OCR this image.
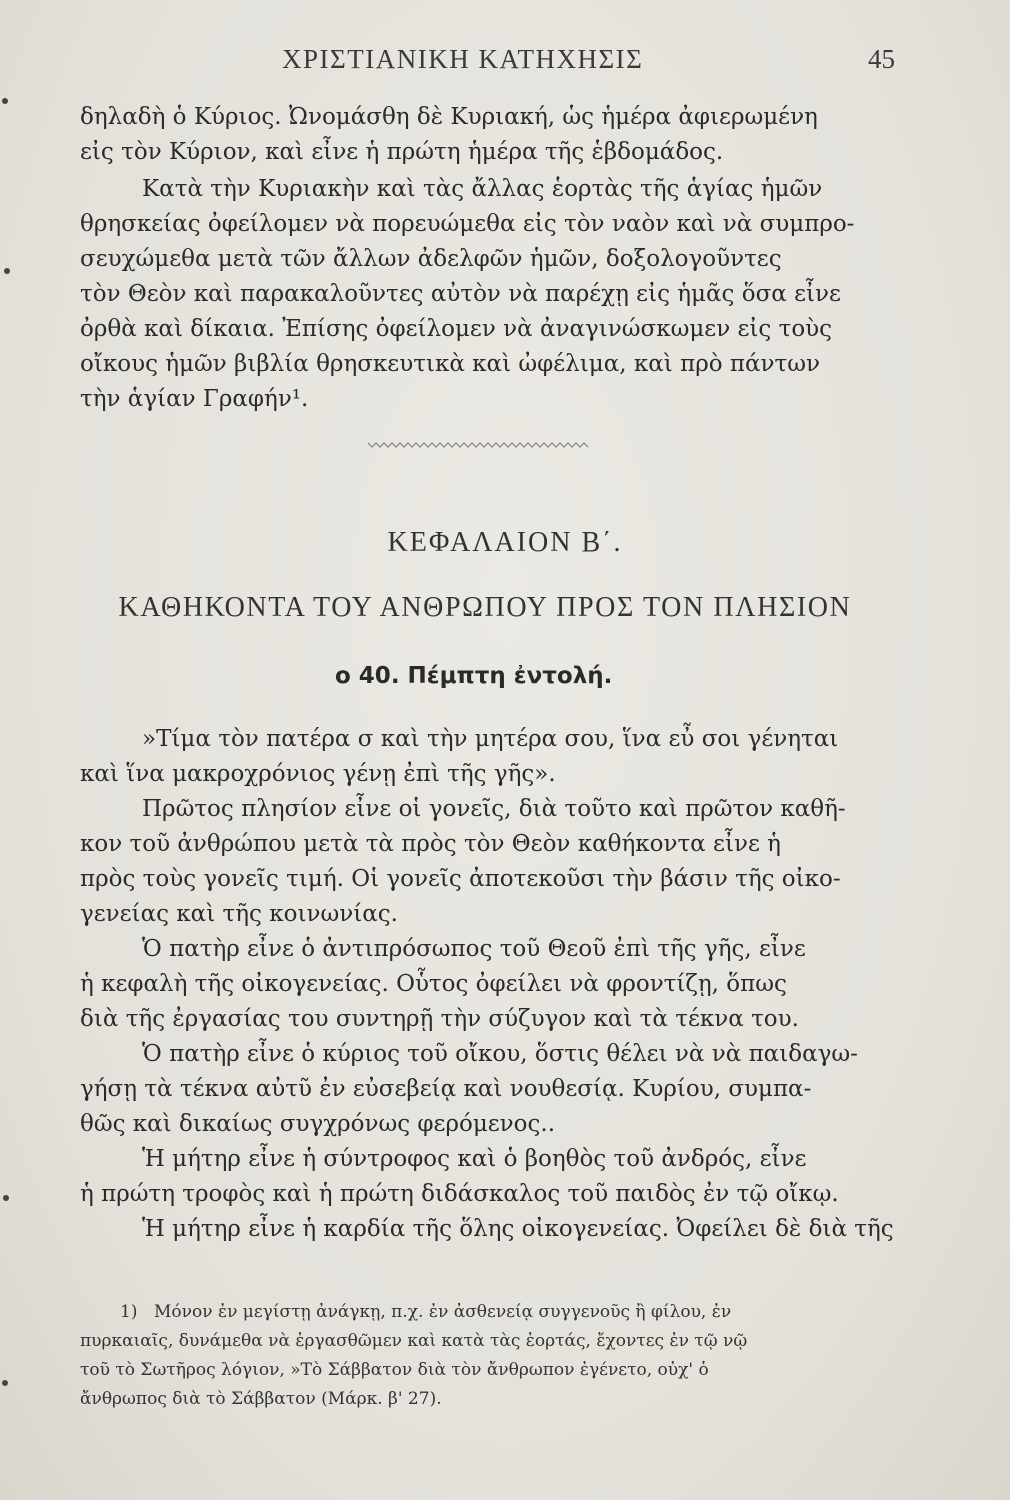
ΧΡΙΣΤΙΑΝΙΚΗ ΚΑΤΗΧΗΣΙΣ	45
δηλαδὴ ὁ Κύριος. Ὠνομάσθη δὲ Κυριακή, ὡς ἡμέρα ἀφιερωμένη
εἰς τὸν Κύριον, καὶ εἶνε ἡ πρώτη ἡμέρα τῆς ἑβδομάδος.
Κατὰ τὴν Κυριακὴν καὶ τὰς ἄλλας ἑορτὰς τῆς ἁγίας ἡμῶν
θρησκείας ὀφείλομεν νὰ πορευώμεθα εἰς τὸν ναὸν καὶ νὰ συμπρο-
σευχώμεθα μετὰ τῶν ἄλλων ἀδελφῶν ἡμῶν, δοξολογοῦντες
τὸν Θεὸν καὶ παρακαλοῦντες αὐτὸν νὰ παρέχῃ εἰς ἡμᾶς ὅσα εἶνε
ὀρθὰ καὶ δίκαια. Ἐπίσης ὀφείλομεν νὰ ἀναγινώσκωμεν εἰς τοὺς
οἴκους ἡμῶν βιβλία θρησκευτικὰ καὶ ὠφέλιμα, καὶ πρὸ πάντων
τὴν ἁγίαν Γραφήν¹.
ΚΕΦΑΛΑΙΟΝ Β΄.
ΚΑΘΗΚΟΝΤΑ ΤΟΥ ΑΝΘΡΩΠΟΥ ΠΡΟΣ ΤΟΝ ΠΛΗΣΙΟΝ
ο 40. Πέμπτη ἐντολή.
»Τίμα τὸν πατέρα σ καὶ τὴν μητέρα σου, ἵνα εὖ σοι γένηται
καὶ ἵνα μακροχρόνιος γένῃ ἐπὶ τῆς γῆς».
Πρῶτος πλησίον εἶνε οἱ γονεῖς, διὰ τοῦτο καὶ πρῶτον καθῆ-
κον τοῦ ἀνθρώπου μετὰ τὰ πρὸς τὸν Θεὸν καθήκοντα εἶνε ἡ
πρὸς τοὺς γονεῖς τιμή. Οἱ γονεῖς ἀποτεκοῦσι τὴν βάσιν τῆς οἰκο-
γενείας καὶ τῆς κοινωνίας.
Ὁ πατὴρ εἶνε ὁ ἀντιπρόσωπος τοῦ Θεοῦ ἐπὶ τῆς γῆς, εἶνε
ἡ κεφαλὴ τῆς οἰκογενείας. Οὗτος ὀφείλει νὰ φροντίζῃ, ὅπως
διὰ τῆς ἐργασίας του συντηρῇ τὴν σύζυγον καὶ τὰ τέκνα του.
Ὁ πατὴρ εἶνε ὁ κύριος τοῦ οἴκου, ὅστις θέλει νὰ νὰ παιδαγω-
γήσῃ τὰ τέκνα αὐτῦ ἐν εὐσεβείᾳ καὶ νουθεσίᾳ. Κυρίου, συμπα-
θῶς καὶ δικαίως συγχρόνως φερόμενος..
Ἡ μήτηρ εἶνε ἡ σύντροφος καὶ ὁ βοηθὸς τοῦ ἀνδρός, εἶνε
ἡ πρώτη τροφὸς καὶ ἡ πρώτη διδάσκαλος τοῦ παιδὸς ἐν τῷ οἴκῳ.
Ἡ μήτηρ εἶνε ἡ καρδία τῆς ὅλης οἰκογενείας. Ὀφείλει δὲ διὰ τῆς
1) Μόνον ἐν μεγίστῃ ἀνάγκῃ, π.χ. ἐν ἀσθενείᾳ συγγενοῦς ἢ φίλου, ἐν
πυρκαιαῖς, δυνάμεθα νὰ ἐργασθῶμεν καὶ κατὰ τὰς ἑορτάς, ἔχοντες ἐν τῷ νῷ
τοῦ τὸ Σωτῆρος λόγιον, »Τὸ Σάββατον διὰ τὸν ἄνθρωπον ἐγένετο, οὐχ' ὁ
ἄνθρωπος διὰ τὸ Σάββατον (Μάρκ. β' 27).
